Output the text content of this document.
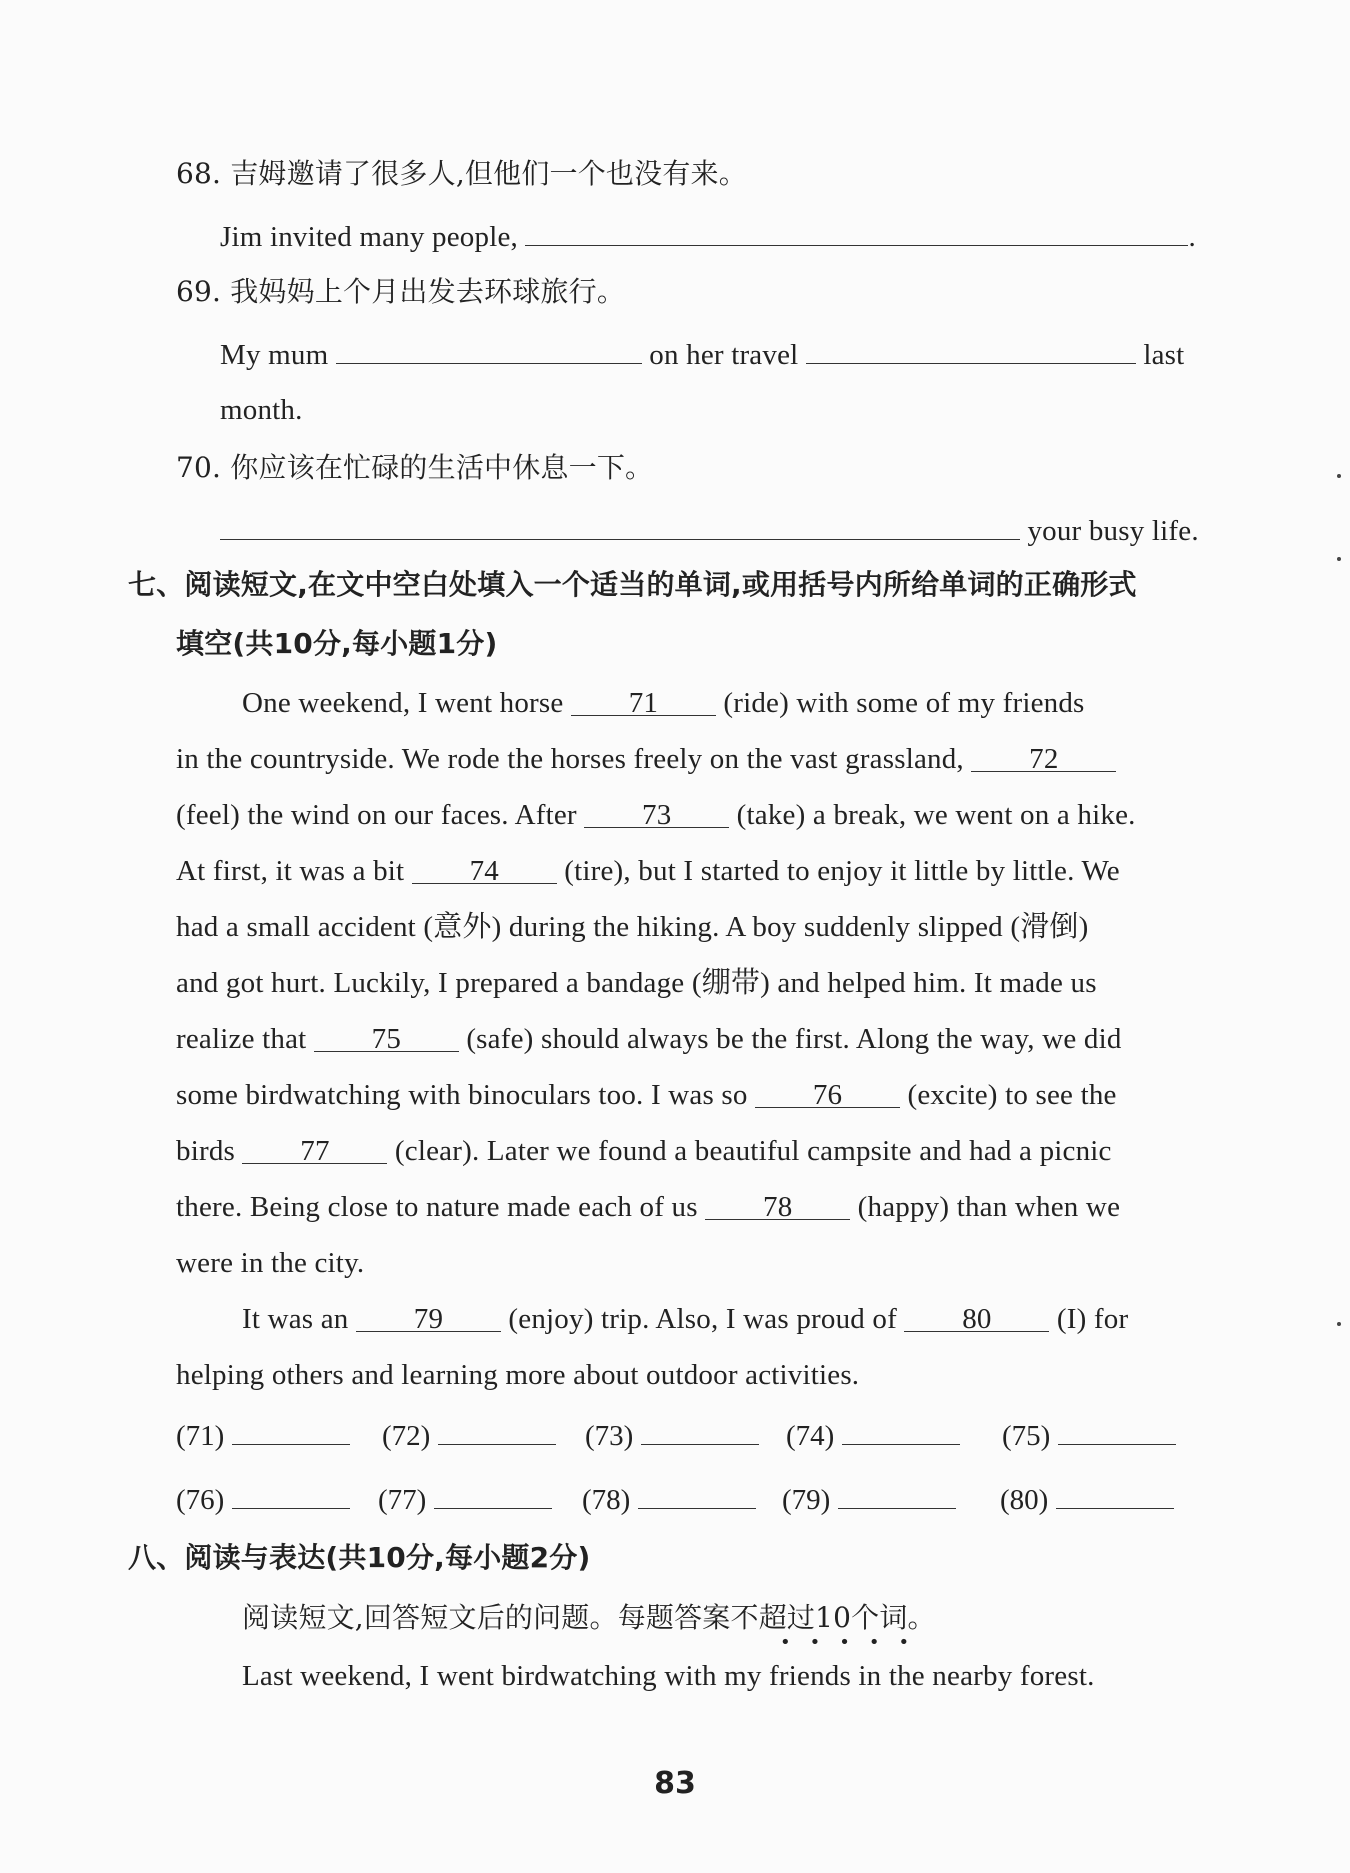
68. 吉姆邀请了很多人,但他们一个也没有来。
Jim invited many people,	.
69. 我妈妈上个月出发去环球旅行。
My mum	on her travel	last
month.
70. 你应该在忙碌的生活中休息一下。
your busy life.
七、阅读短文,在文中空白处填入一个适当的单词,或用括号内所给单词的正确形式
填空(共10分,每小题1分)
One weekend, I went horse 71 (ride) with some of my friends
in the countryside. We rode the horses freely on the vast grassland, 72
(feel) the wind on our faces. After 73 (take) a break, we went on a hike.
At first, it was a bit 74 (tire), but I started to enjoy it little by little. We
had a small accident (意外) during the hiking. A boy suddenly slipped (滑倒)
and got hurt. Luckily, I prepared a bandage (绷带) and helped him. It made us
realize that 75 (safe) should always be the first. Along the way, we did
some birdwatching with binoculars too. I was so 76 (excite) to see the
birds 77 (clear). Later we found a beautiful campsite and had a picnic
there. Being close to nature made each of us 78 (happy) than when we
were in the city.
It was an 79 (enjoy) trip. Also, I was proud of 80 (I) for
helping others and learning more about outdoor activities.
(71)	(72)	(73)	(74)	(75)
(76)	(77)	(78)	(79)	(80)
八、阅读与表达(共10分,每小题2分)
阅读短文,回答短文后的问题。每题答案不超过10个词。
•••••
Last weekend, I went birdwatching with my friends in the nearby forest.
83
